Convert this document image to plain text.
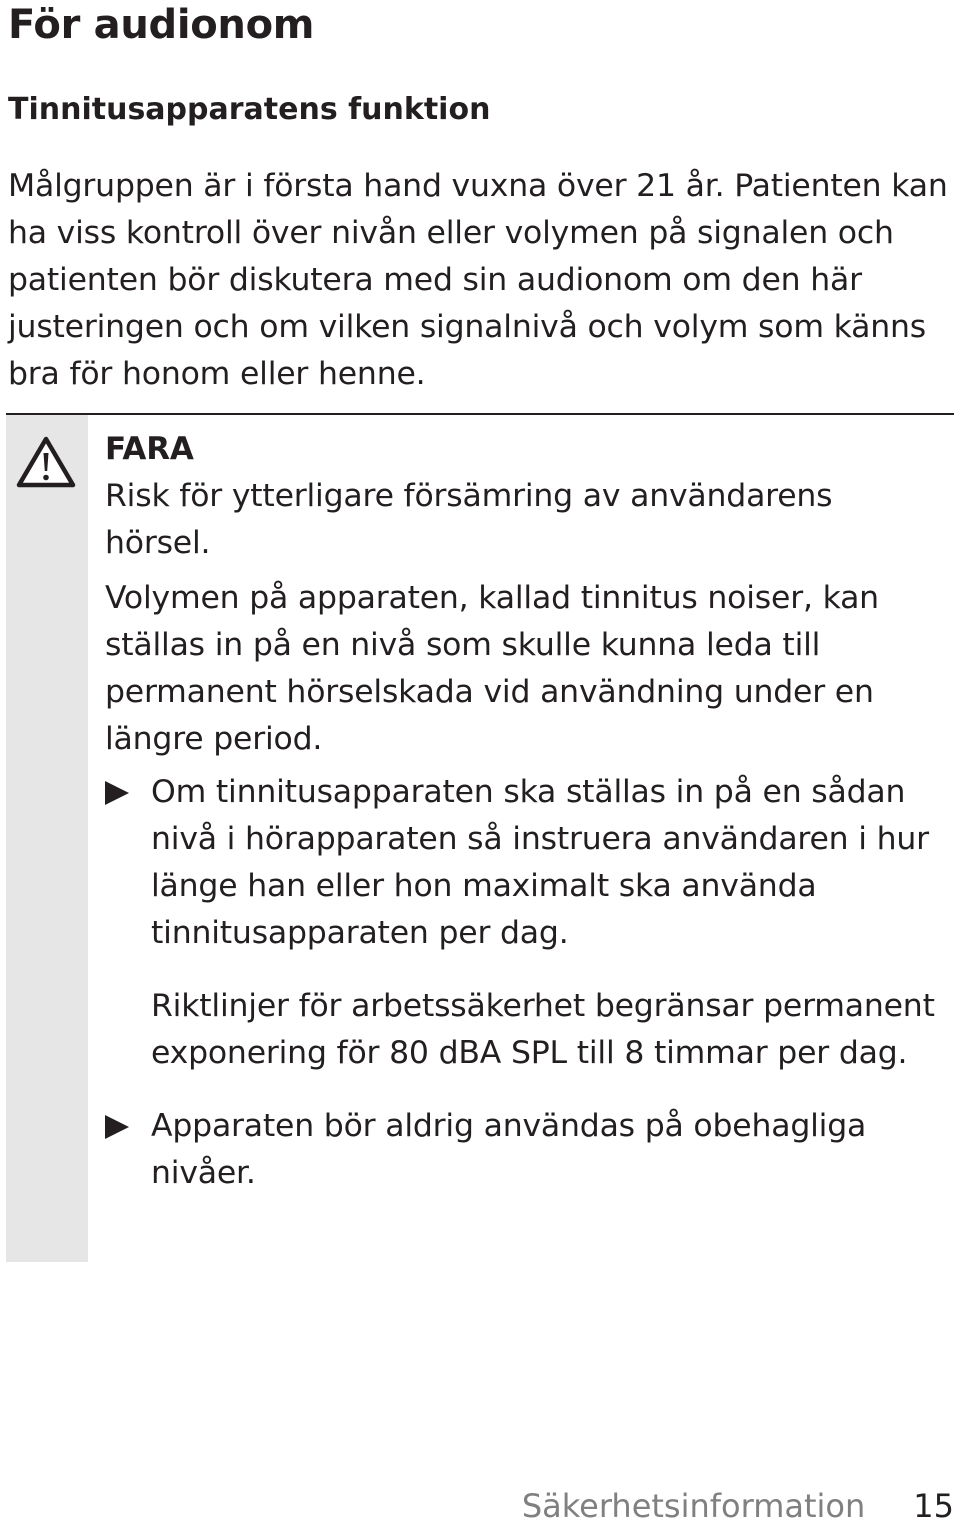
För audionom
Tinnitusapparatens funktion

Målgruppen är i första hand vuxna över 21 år. Patienten kan ha viss kontroll över nivån eller volymen på signalen och patienten bör diskutera med sin audionom om den här justeringen och om vilken signalnivå och volym som känns bra för honom eller henne.

FARA

Risk för ytterligare försämring av användarens hörsel.

Volymen på apparaten, kallad tinnitus noiser, kan ställas in på en nivå som skulle kunna leda till permanent hörselskada vid användning under en längre period.

Om tinnitusapparaten ska ställas in på en sådan nivå i hörapparaten så instruera användaren i hur länge han eller hon maximalt ska använda tinnitusapparaten per dag.

Riktlinjer för arbetssäkerhet begränsar permanent exponering för 80 dBA SPL till 8 timmar per dag.

Apparaten bör aldrig användas på obehagliga nivåer.

Säkerhetsinformation 15
